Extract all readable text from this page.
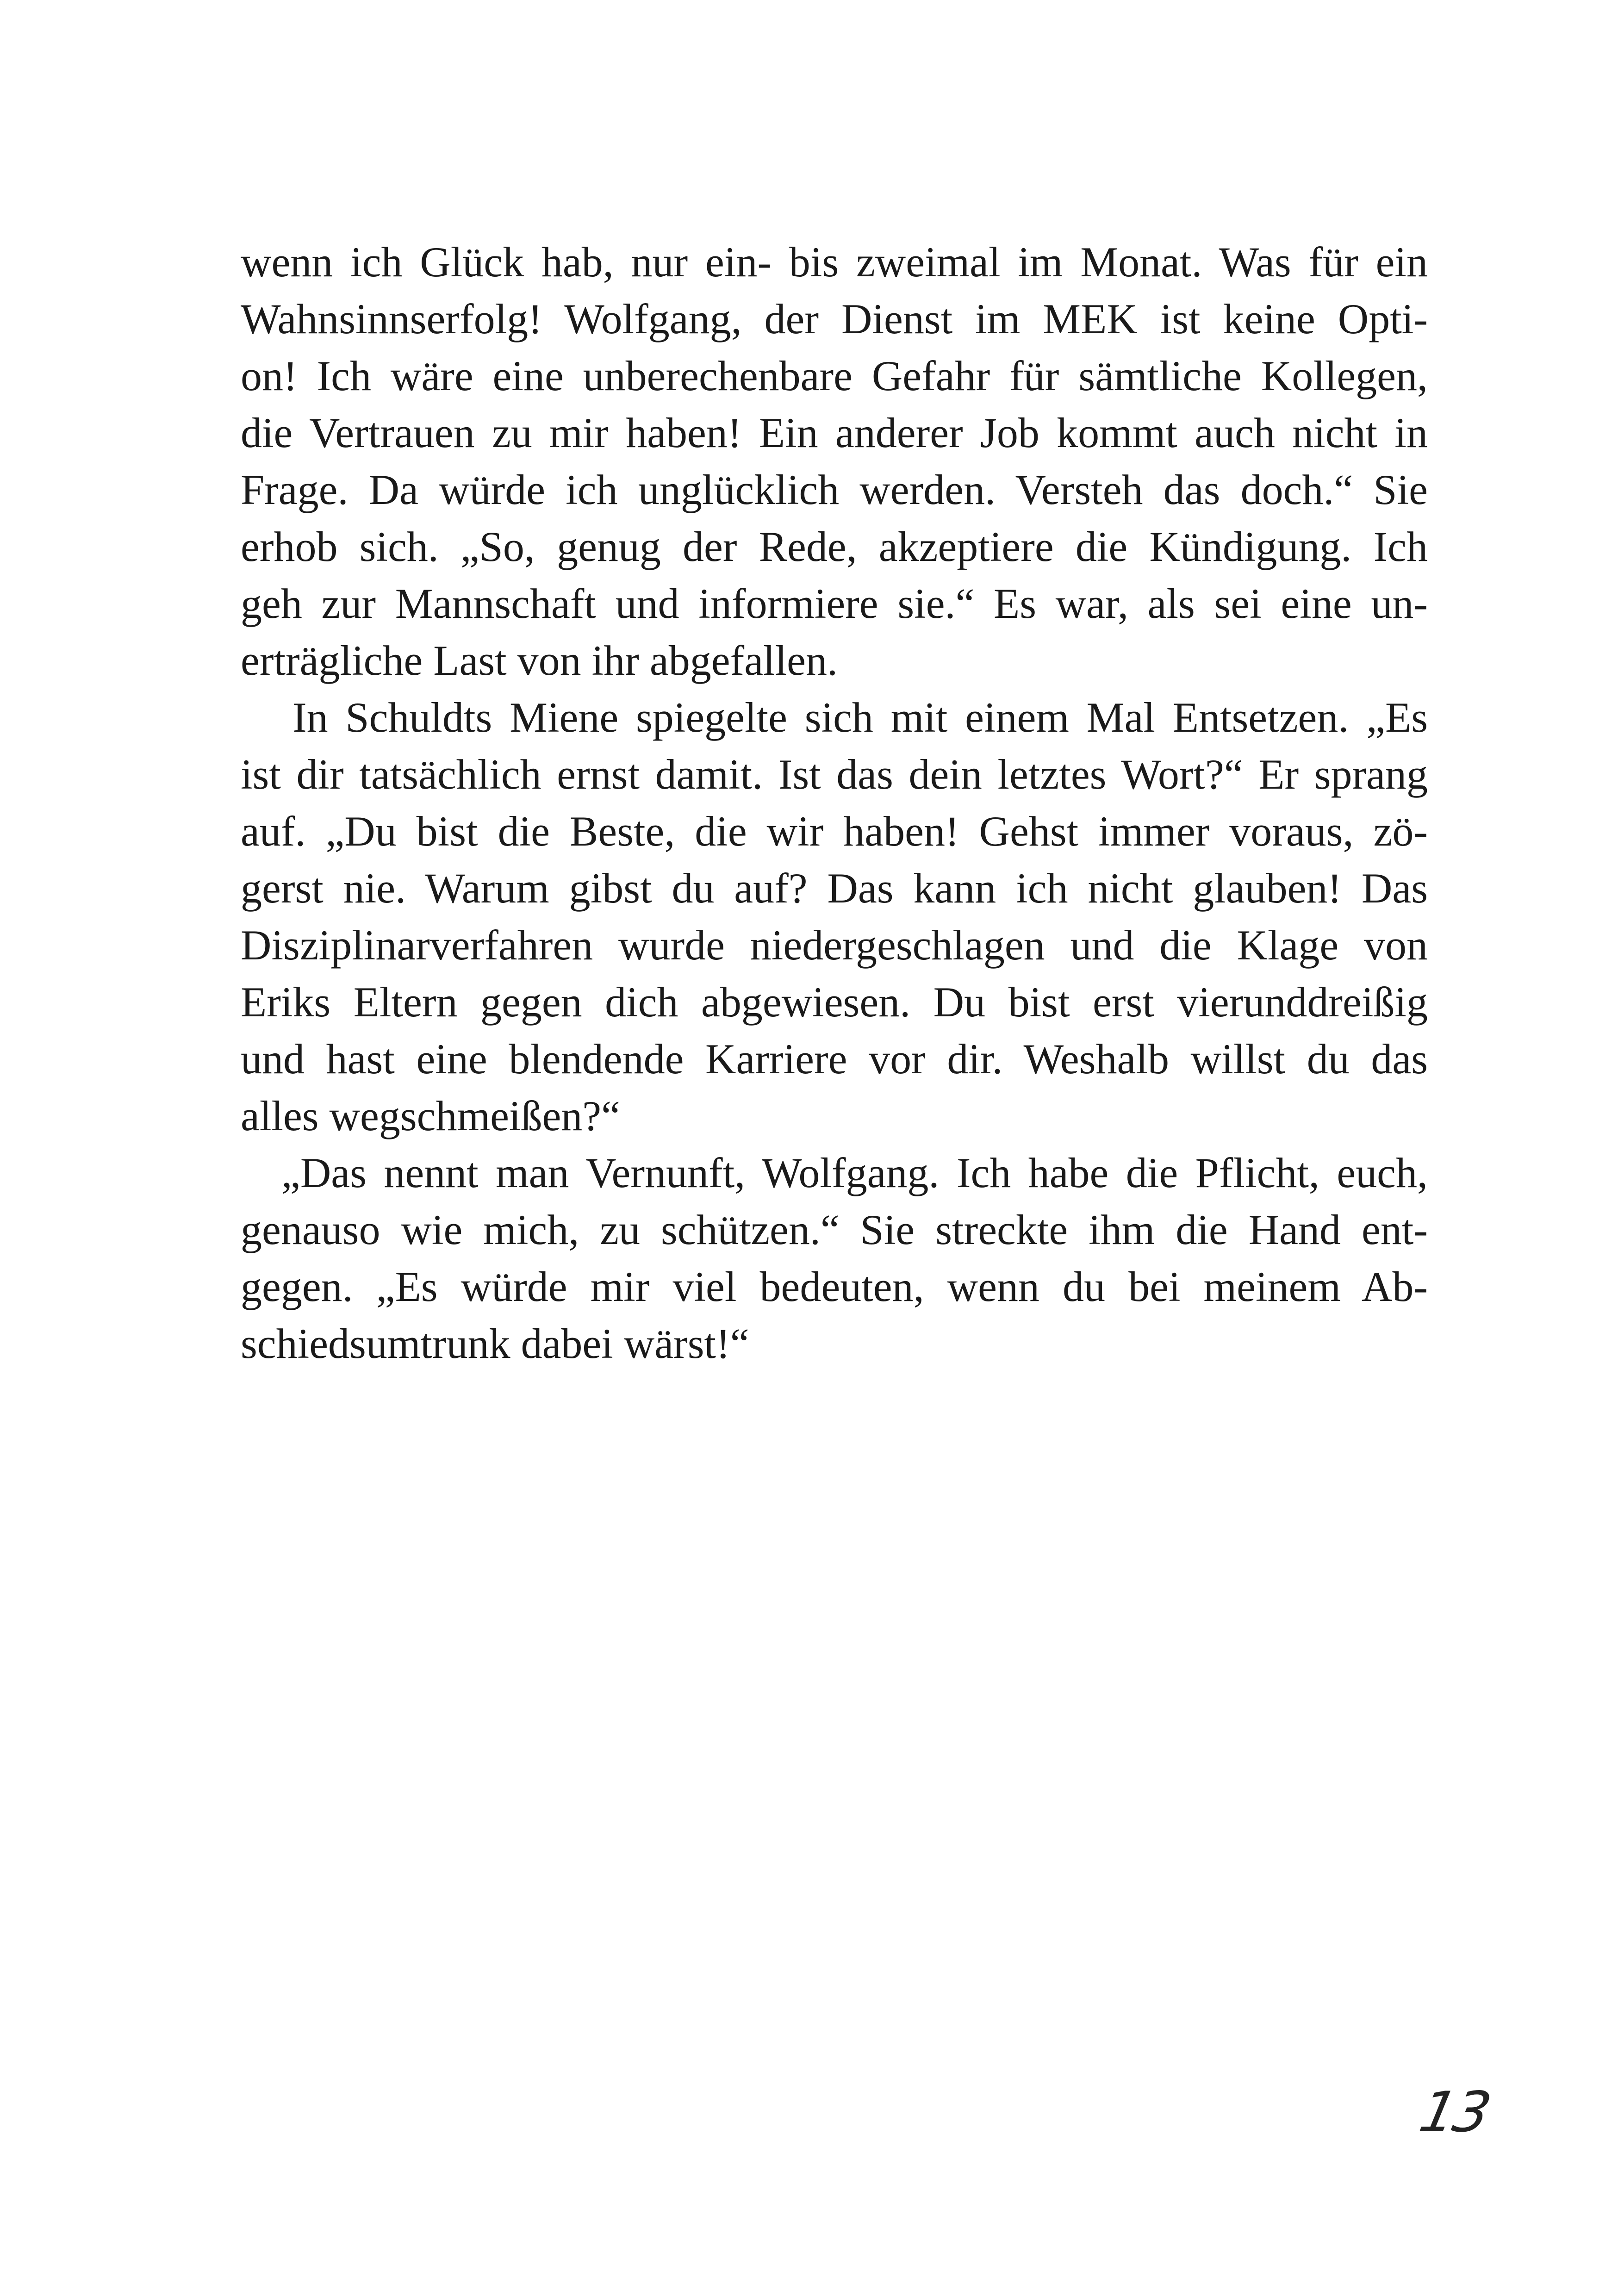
wenn ich Glück hab, nur ein- bis zweimal im Monat. Was für ein
Wahnsinnserfolg! Wolfgang, der Dienst im MEK ist keine Opti-
on! Ich wäre eine unberechenbare Gefahr für sämtliche Kollegen,
die Vertrauen zu mir haben! Ein anderer Job kommt auch nicht in
Frage. Da würde ich unglücklich werden. Versteh das doch.“ Sie
erhob sich. „So, genug der Rede, akzeptiere die Kündigung. Ich
geh zur Mannschaft und informiere sie.“ Es war, als sei eine un-
erträgliche Last von ihr abgefallen.
In Schuldts Miene spiegelte sich mit einem Mal Entsetzen. „Es
ist dir tatsächlich ernst damit. Ist das dein letztes Wort?“ Er sprang
auf. „Du bist die Beste, die wir haben! Gehst immer voraus, zö-
gerst nie. Warum gibst du auf? Das kann ich nicht glauben! Das
Disziplinarverfahren wurde niedergeschlagen und die Klage von
Eriks Eltern gegen dich abgewiesen. Du bist erst vierunddreißig
und hast eine blendende Karriere vor dir. Weshalb willst du das
alles wegschmeißen?“
„Das nennt man Vernunft, Wolfgang. Ich habe die Pflicht, euch,
genauso wie mich, zu schützen.“ Sie streckte ihm die Hand ent-
gegen. „Es würde mir viel bedeuten, wenn du bei meinem Ab-
schiedsumtrunk dabei wärst!“
13
